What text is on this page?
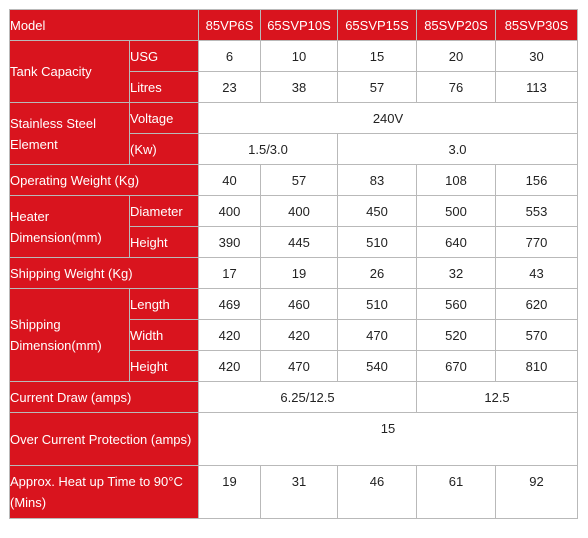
Model		85VP6S	65SVP10S	65SVP15S	85SVP20S	85SVP30S
Tank Capacity	USG	6	10	15	20	30
	Litres	23	38	57	76	113
Stainless Steel Element	Voltage	240V				
	(Kw)	1.5/3.0		3.0		
Operating Weight (Kg)		40	57	83	108	156
Heater Dimension(mm)	Diameter	400	400	450	500	553
	Height	390	445	510	640	770
Shipping Weight (Kg)		17	19	26	32	43
Shipping Dimension(mm)	Length	469	460	510	560	620
	Width	420	420	470	520	570
	Height	420	470	540	670	810
Current Draw (amps)		6.25/12.5			12.5	
Over Current Protection (amps)		15				
Approx. Heat up Time to 90°C (Mins)		19	31	46	61	92
